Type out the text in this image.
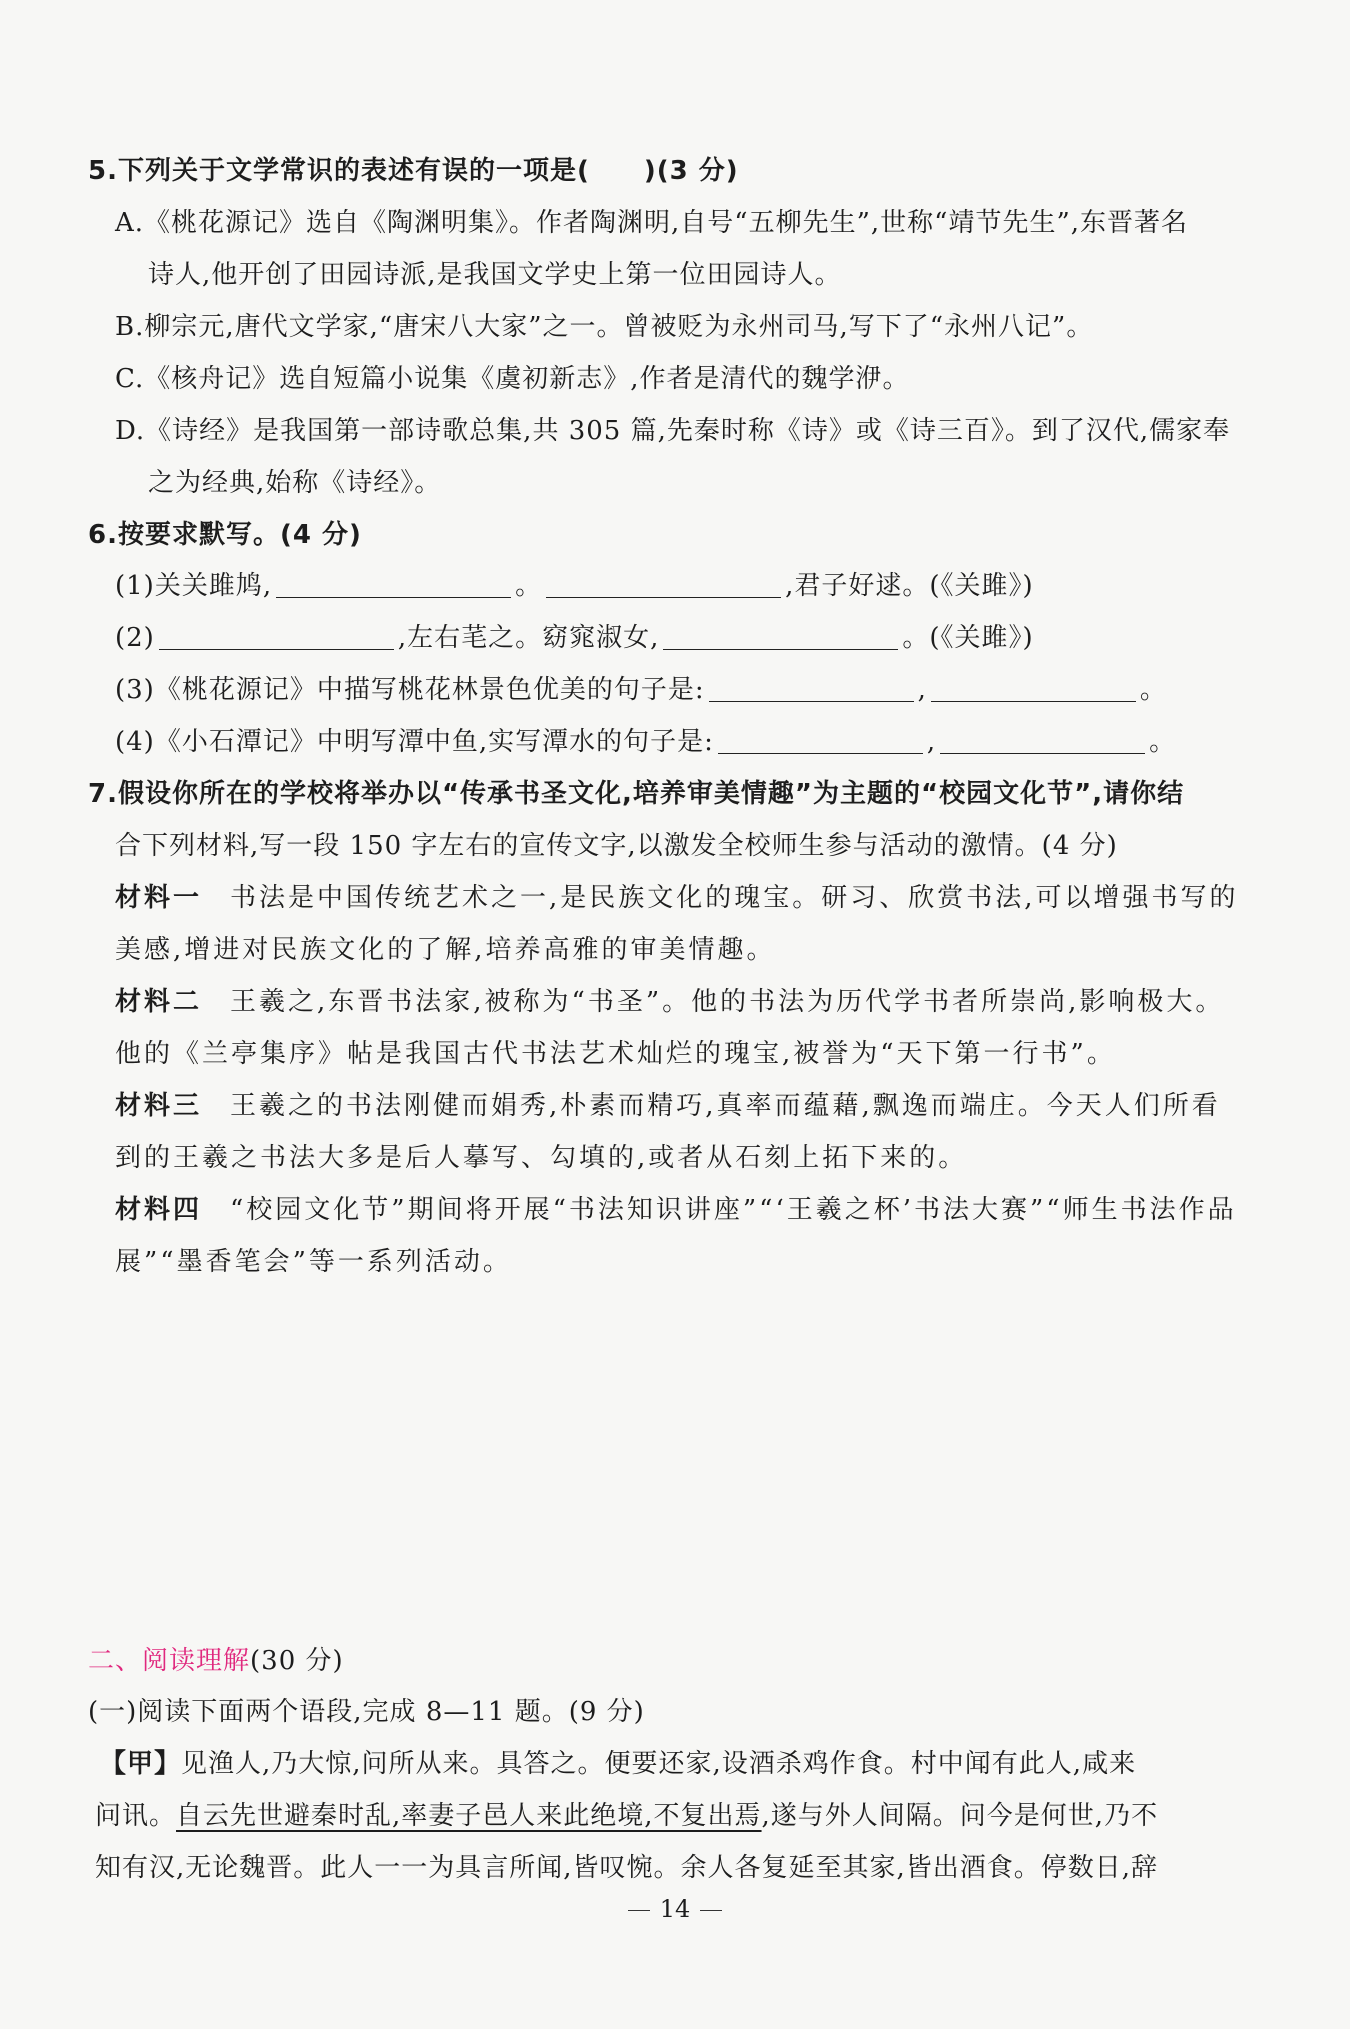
5.下列关于文学常识的表述有误的一项是(　　)(3 分)
A.《桃花源记》选自《陶渊明集》。作者陶渊明,自号“五柳先生”,世称“靖节先生”,东晋著名
诗人,他开创了田园诗派,是我国文学史上第一位田园诗人。
B.柳宗元,唐代文学家,“唐宋八大家”之一。曾被贬为永州司马,写下了“永州八记”。
C.《核舟记》选自短篇小说集《虞初新志》,作者是清代的魏学洢。
D.《诗经》是我国第一部诗歌总集,共 305 篇,先秦时称《诗》或《诗三百》。到了汉代,儒家奉
之为经典,始称《诗经》。
6.按要求默写。(4 分)
(1)关关雎鸠,	。	,君子好逑。(《关雎》)
(2)	,左右芼之。窈窕淑女,	。(《关雎》)
(3)《桃花源记》中描写桃花林景色优美的句子是:	,	。
(4)《小石潭记》中明写潭中鱼,实写潭水的句子是:	,	。
7.假设你所在的学校将举办以“传承书圣文化,培养审美情趣”为主题的“校园文化节”,请你结
合下列材料,写一段 150 字左右的宣传文字,以激发全校师生参与活动的激情。(4 分)
材料一 书法是中国传统艺术之一,是民族文化的瑰宝。研习、欣赏书法,可以增强书写的
美感,增进对民族文化的了解,培养高雅的审美情趣。
材料二 王羲之,东晋书法家,被称为“书圣”。他的书法为历代学书者所崇尚,影响极大。
他的《兰亭集序》帖是我国古代书法艺术灿烂的瑰宝,被誉为“天下第一行书”。
材料三 王羲之的书法刚健而娟秀,朴素而精巧,真率而蕴藉,飘逸而端庄。今天人们所看
到的王羲之书法大多是后人摹写、勾填的,或者从石刻上拓下来的。
材料四 “校园文化节”期间将开展“书法知识讲座”“‘王羲之杯’书法大赛”“师生书法作品
展”“墨香笔会”等一系列活动。
二、阅读理解(30 分)
(一)阅读下面两个语段,完成 8—11 题。(9 分)
【甲】见渔人,乃大惊,问所从来。具答之。便要还家,设酒杀鸡作食。村中闻有此人,咸来
问讯。自云先世避秦时乱,率妻子邑人来此绝境,不复出焉,遂与外人间隔。问今是何世,乃不
知有汉,无论魏晋。此人一一为具言所闻,皆叹惋。余人各复延至其家,皆出酒食。停数日,辞
14
